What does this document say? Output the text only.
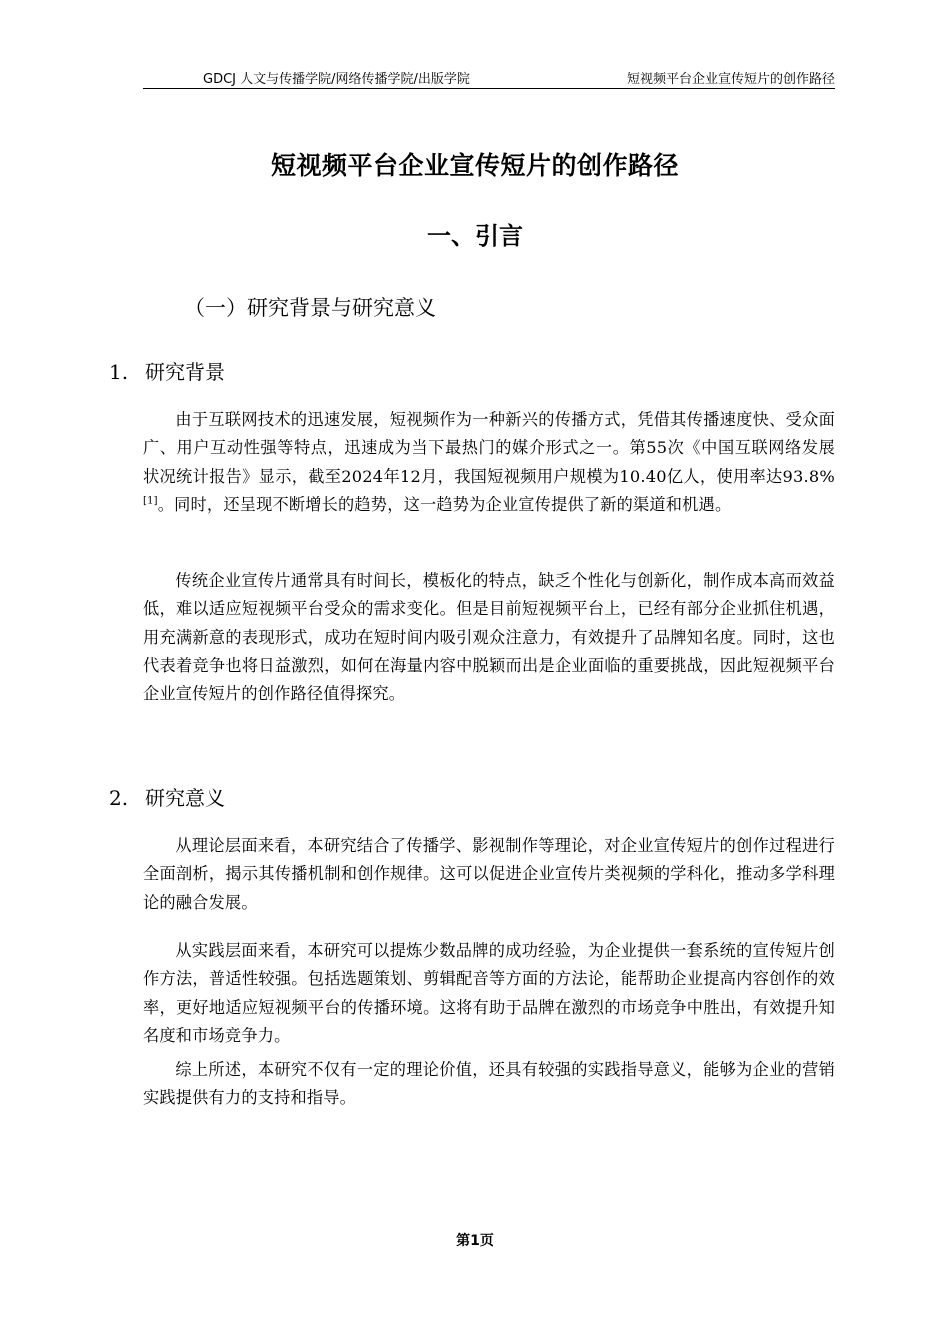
GDCJ 人文与传播学院/网络传播学院/出版学院	短视频平台企业宣传短片的创作路径
短视频平台企业宣传短片的创作路径
一、引言
（一）研究背景与研究意义
1. 研究背景

由于互联网技术的迅速发展，短视频作为一种新兴的传播方式，凭借其传播速度快、受众面广、用户互动性强等特点，迅速成为当下最热门的媒介形式之一。第55次《中国互联网络发展状况统计报告》显示，截至2024年12月，我国短视频用户规模为10.40亿人，使用率达93.8%[1]。同时，还呈现不断增长的趋势，这一趋势为企业宣传提供了新的渠道和机遇。

传统企业宣传片通常具有时间长，模板化的特点，缺乏个性化与创新化，制作成本高而效益低，难以适应短视频平台受众的需求变化。但是目前短视频平台上，已经有部分企业抓住机遇，用充满新意的表现形式，成功在短时间内吸引观众注意力，有效提升了品牌知名度。同时，这也代表着竞争也将日益激烈，如何在海量内容中脱颖而出是企业面临的重要挑战，因此短视频平台企业宣传短片的创作路径值得探究。

2. 研究意义

从理论层面来看，本研究结合了传播学、影视制作等理论，对企业宣传短片的创作过程进行全面剖析，揭示其传播机制和创作规律。这可以促进企业宣传片类视频的学科化，推动多学科理论的融合发展。

从实践层面来看，本研究可以提炼少数品牌的成功经验，为企业提供一套系统的宣传短片创作方法，普适性较强。包括选题策划、剪辑配音等方面的方法论，能帮助企业提高内容创作的效率，更好地适应短视频平台的传播环境。这将有助于品牌在激烈的市场竞争中胜出，有效提升知名度和市场竞争力。

综上所述，本研究不仅有一定的理论价值，还具有较强的实践指导意义，能够为企业的营销实践提供有力的支持和指导。

第1页
